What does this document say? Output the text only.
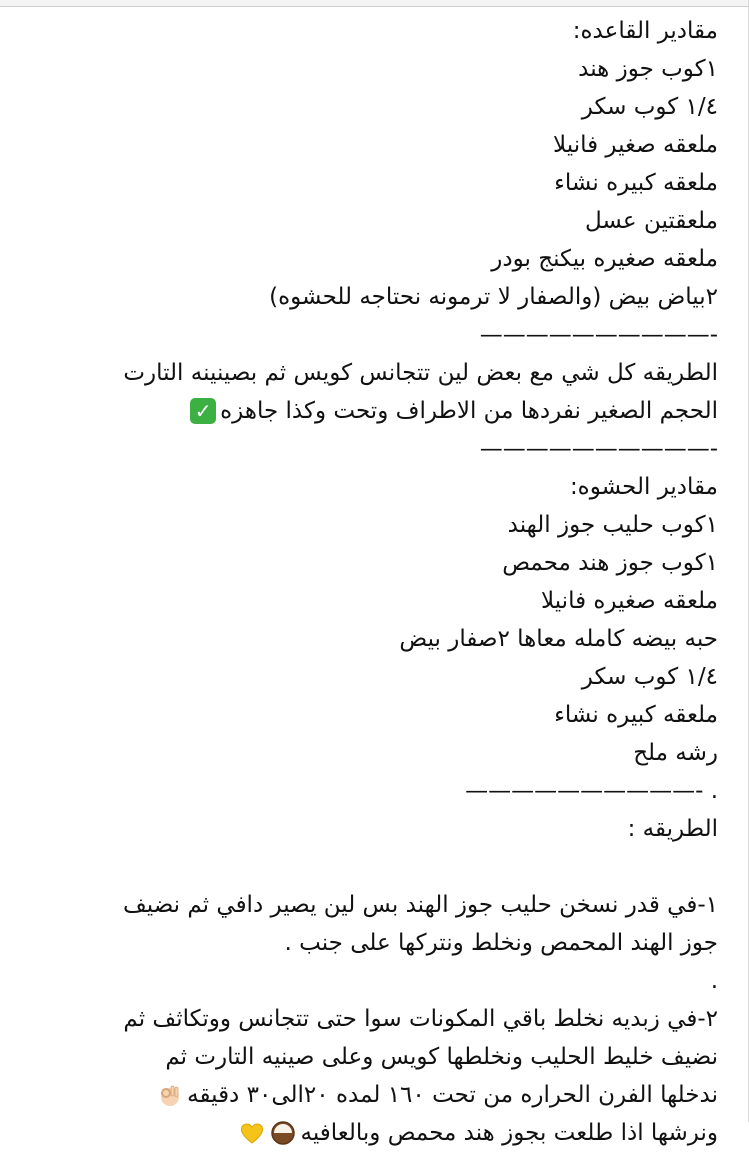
مقادير القاعده:
١كوب جوز هند
١/٤ كوب سكر
ملعقه صغير فانيلا
ملعقه كبيره نشاء
ملعقتين عسل
ملعقه صغيره بيكنج بودر
٢بياض بيض (والصفار لا ترمونه نحتاجه للحشوه)
——————————-
الطريقه كل شي مع بعض لين تتجانس كويس ثم بصينينه التارت
الحجم الصغير نفردها من الاطراف وتحت وكذا جاهزه
✓
——————————-
مقادير الحشوه:
١كوب حليب جوز الهند
١كوب جوز هند محمص
ملعقه صغيره فانيلا
حبه بيضه كامله معاها ٢صفار بيض
١/٤ كوب سكر
ملعقه كبيره نشاء
رشه ملح
——————————- .
الطريقه :
١-في قدر نسخن حليب جوز الهند بس لين يصير دافي ثم نضيف
جوز الهند المحمص ونخلط ونتركها على جنب .
.
٢-في زبديه نخلط باقي المكونات سوا حتى تتجانس ووتكاثف ثم
نضيف خليط الحليب ونخلطها كويس وعلى صينيه التارت ثم
ندخلها الفرن الحراره من تحت ١٦٠ لمده ٢٠الى٣٠ دقيقه
ونرشها اذا طلعت بجوز هند محمص وبالعافيه
